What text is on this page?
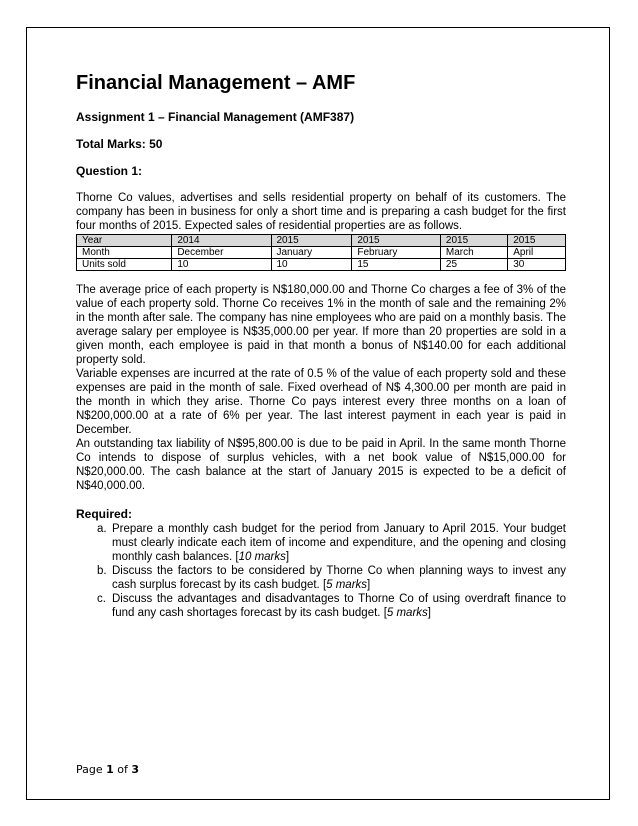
Financial Management – AMF

Assignment 1 – Financial Management (AMF387)

Total Marks: 50

Question 1:

Thorne Co values, advertises and sells residential property on behalf of its customers. The company has been in business for only a short time and is preparing a cash budget for the first four months of 2015. Expected sales of residential properties are as follows.

Year	2014	2015	2015	2015	2015
Month	December	January	February	March	April
Units sold	10	10	15	25	30

The average price of each property is N$180,000.00 and Thorne Co charges a fee of 3% of the value of each property sold. Thorne Co receives 1% in the month of sale and the remaining 2% in the month after sale. The company has nine employees who are paid on a monthly basis. The average salary per employee is N$35,000.00 per year. If more than 20 properties are sold in a given month, each employee is paid in that month a bonus of N$140.00 for each additional property sold.

Variable expenses are incurred at the rate of 0.5 % of the value of each property sold and these expenses are paid in the month of sale. Fixed overhead of N$ 4,300.00 per month are paid in the month in which they arise. Thorne Co pays interest every three months on a loan of N$200,000.00 at a rate of 6% per year. The last interest payment in each year is paid in December.

An outstanding tax liability of N$95,800.00 is due to be paid in April. In the same month Thorne Co intends to dispose of surplus vehicles, with a net book value of N$15,000.00 for N$20,000.00. The cash balance at the start of January 2015 is expected to be a deficit of N$40,000.00.

Required:

a. Prepare a monthly cash budget for the period from January to April 2015. Your budget must clearly indicate each item of income and expenditure, and the opening and closing monthly cash balances. [10 marks]
b. Discuss the factors to be considered by Thorne Co when planning ways to invest any cash surplus forecast by its cash budget. [5 marks]
c. Discuss the advantages and disadvantages to Thorne Co of using overdraft finance to fund any cash shortages forecast by its cash budget. [5 marks]
Page 1 of 3
